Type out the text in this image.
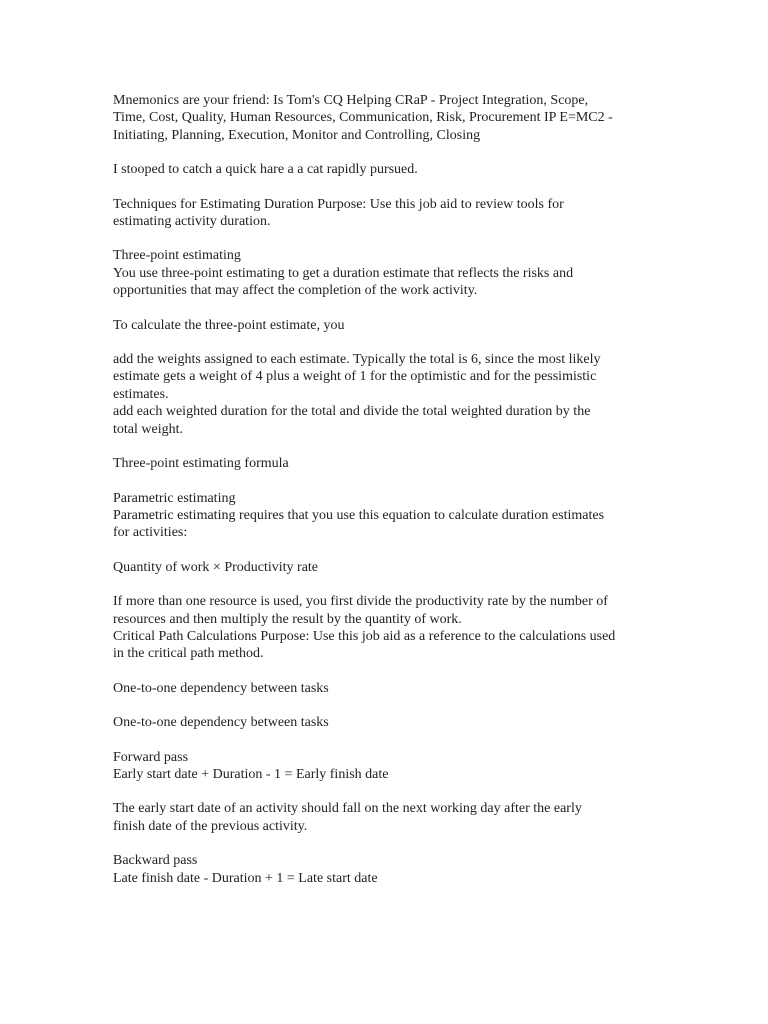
Mnemonics are your friend: Is Tom's CQ Helping CRaP - Project Integration, Scope,
Time, Cost, Quality, Human Resources, Communication, Risk, Procurement IP E=MC2 -
Initiating, Planning, Execution, Monitor and Controlling, Closing

I stooped to catch a quick hare a a cat rapidly pursued.

Techniques for Estimating Duration Purpose: Use this job aid to review tools for
estimating activity duration.

Three-point estimating
You use three-point estimating to get a duration estimate that reflects the risks and
opportunities that may affect the completion of the work activity.

To calculate the three-point estimate, you

add the weights assigned to each estimate. Typically the total is 6, since the most likely
estimate gets a weight of 4 plus a weight of 1 for the optimistic and for the pessimistic
estimates.
add each weighted duration for the total and divide the total weighted duration by the
total weight.

Three-point estimating formula

Parametric estimating
Parametric estimating requires that you use this equation to calculate duration estimates
for activities:

Quantity of work × Productivity rate

If more than one resource is used, you first divide the productivity rate by the number of
resources and then multiply the result by the quantity of work.
Critical Path Calculations Purpose: Use this job aid as a reference to the calculations used
in the critical path method.

One-to-one dependency between tasks

One-to-one dependency between tasks

Forward pass
Early start date + Duration - 1 = Early finish date

The early start date of an activity should fall on the next working day after the early
finish date of the previous activity.

Backward pass
Late finish date - Duration + 1 = Late start date
